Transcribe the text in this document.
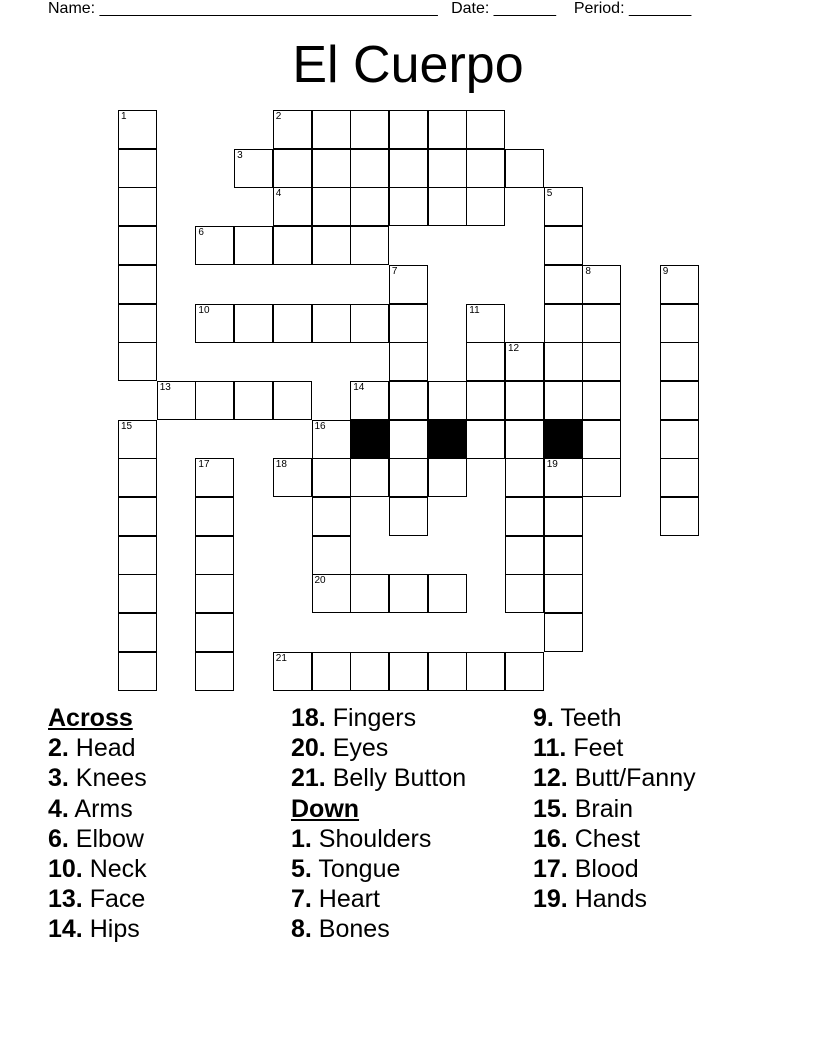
Name: ______________________________________ Date: _______ Period: _______
El Cuerpo
1	2
3
4	5
6
7	8	9
10	11
12
13	14
15	16
17	18	19
20
21
Across
2. Head
3. Knees
4. Arms
6. Elbow
10. Neck
13. Face
14. Hips
18. Fingers
20. Eyes
21. Belly Button
Down
1. Shoulders
5. Tongue
7. Heart
8. Bones
9. Teeth
11. Feet
12. Butt/Fanny
15. Brain
16. Chest
17. Blood
19. Hands
